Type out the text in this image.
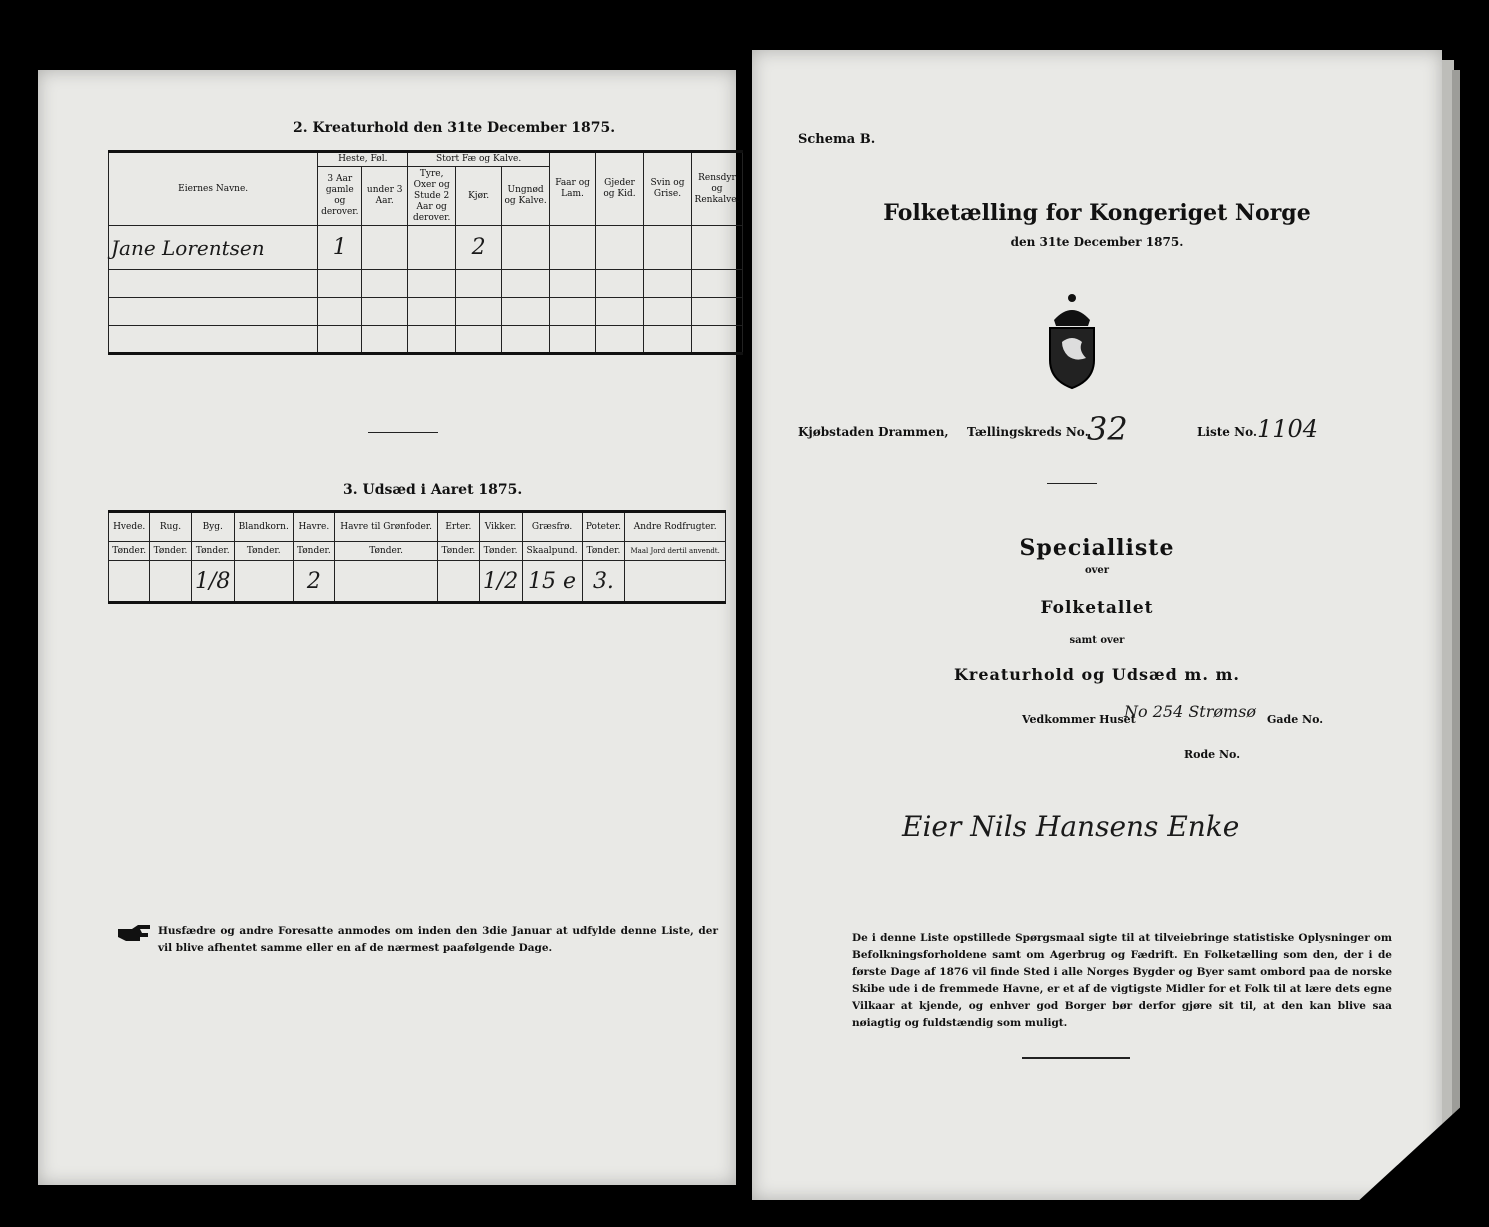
2. Kreaturhold den 31te December 1875.
Eiernes Navne.	Heste, Føl.		Stort Fæ og Kalve.			Faar og Lam.	Gjeder og Kid.	Svin og Grise.	Rensdyr og Renkalve.
	3 Aar gamle og derover.	under 3 Aar.	Tyre, Oxer og Stude 2 Aar og derover.	Kjør.	Ungnød og Kalve.				
Jane Lorentsen	1			2					

3. Udsæd i Aaret 1875.
Hvede.	Rug.	Byg.	Blandkorn.	Havre.	Havre til Grønfoder.	Erter.	Vikker.	Græsfrø.	Poteter.	Andre Rodfrugter.
Tønder.	Tønder.	Tønder.	Tønder.	Tønder.	Tønder.	Tønder.	Tønder.	Skaalpund.	Tønder.	Maal Jord dertil anvendt.
		1/8		2			1/2	15 e	3.	
Husfædre og andre Foresatte anmodes om inden den 3die Januar at udfylde denne Liste, der vil blive afhentet samme eller en af de nærmest paafølgende Dage.
Schema B.
Folketælling for Kongeriget Norge
den 31te December 1875.
Kjøbstaden Drammen, Tællingskreds No.
32	Liste No. 1104
Specialliste
over
Folketallet
samt over
Kreaturhold og Udsæd m. m.
Vedkommer Huset
No 254 Strømsø Gade No.
Rode No.
Eier Nils Hansens Enke
De i denne Liste opstillede Spørgsmaal sigte til at tilveiebringe statistiske Oplysninger om Befolkningsforholdene samt om Agerbrug og Fædrift. En Folketælling som den, der i de første Dage af 1876 vil finde Sted i alle Norges Bygder og Byer samt ombord paa de norske Skibe ude i de fremmede Havne, er et af de vigtigste Midler for et Folk til at lære dets egne Vilkaar at kjende, og enhver god Borger bør derfor gjøre sit til, at den kan blive saa nøiagtig og fuldstændig som muligt.
